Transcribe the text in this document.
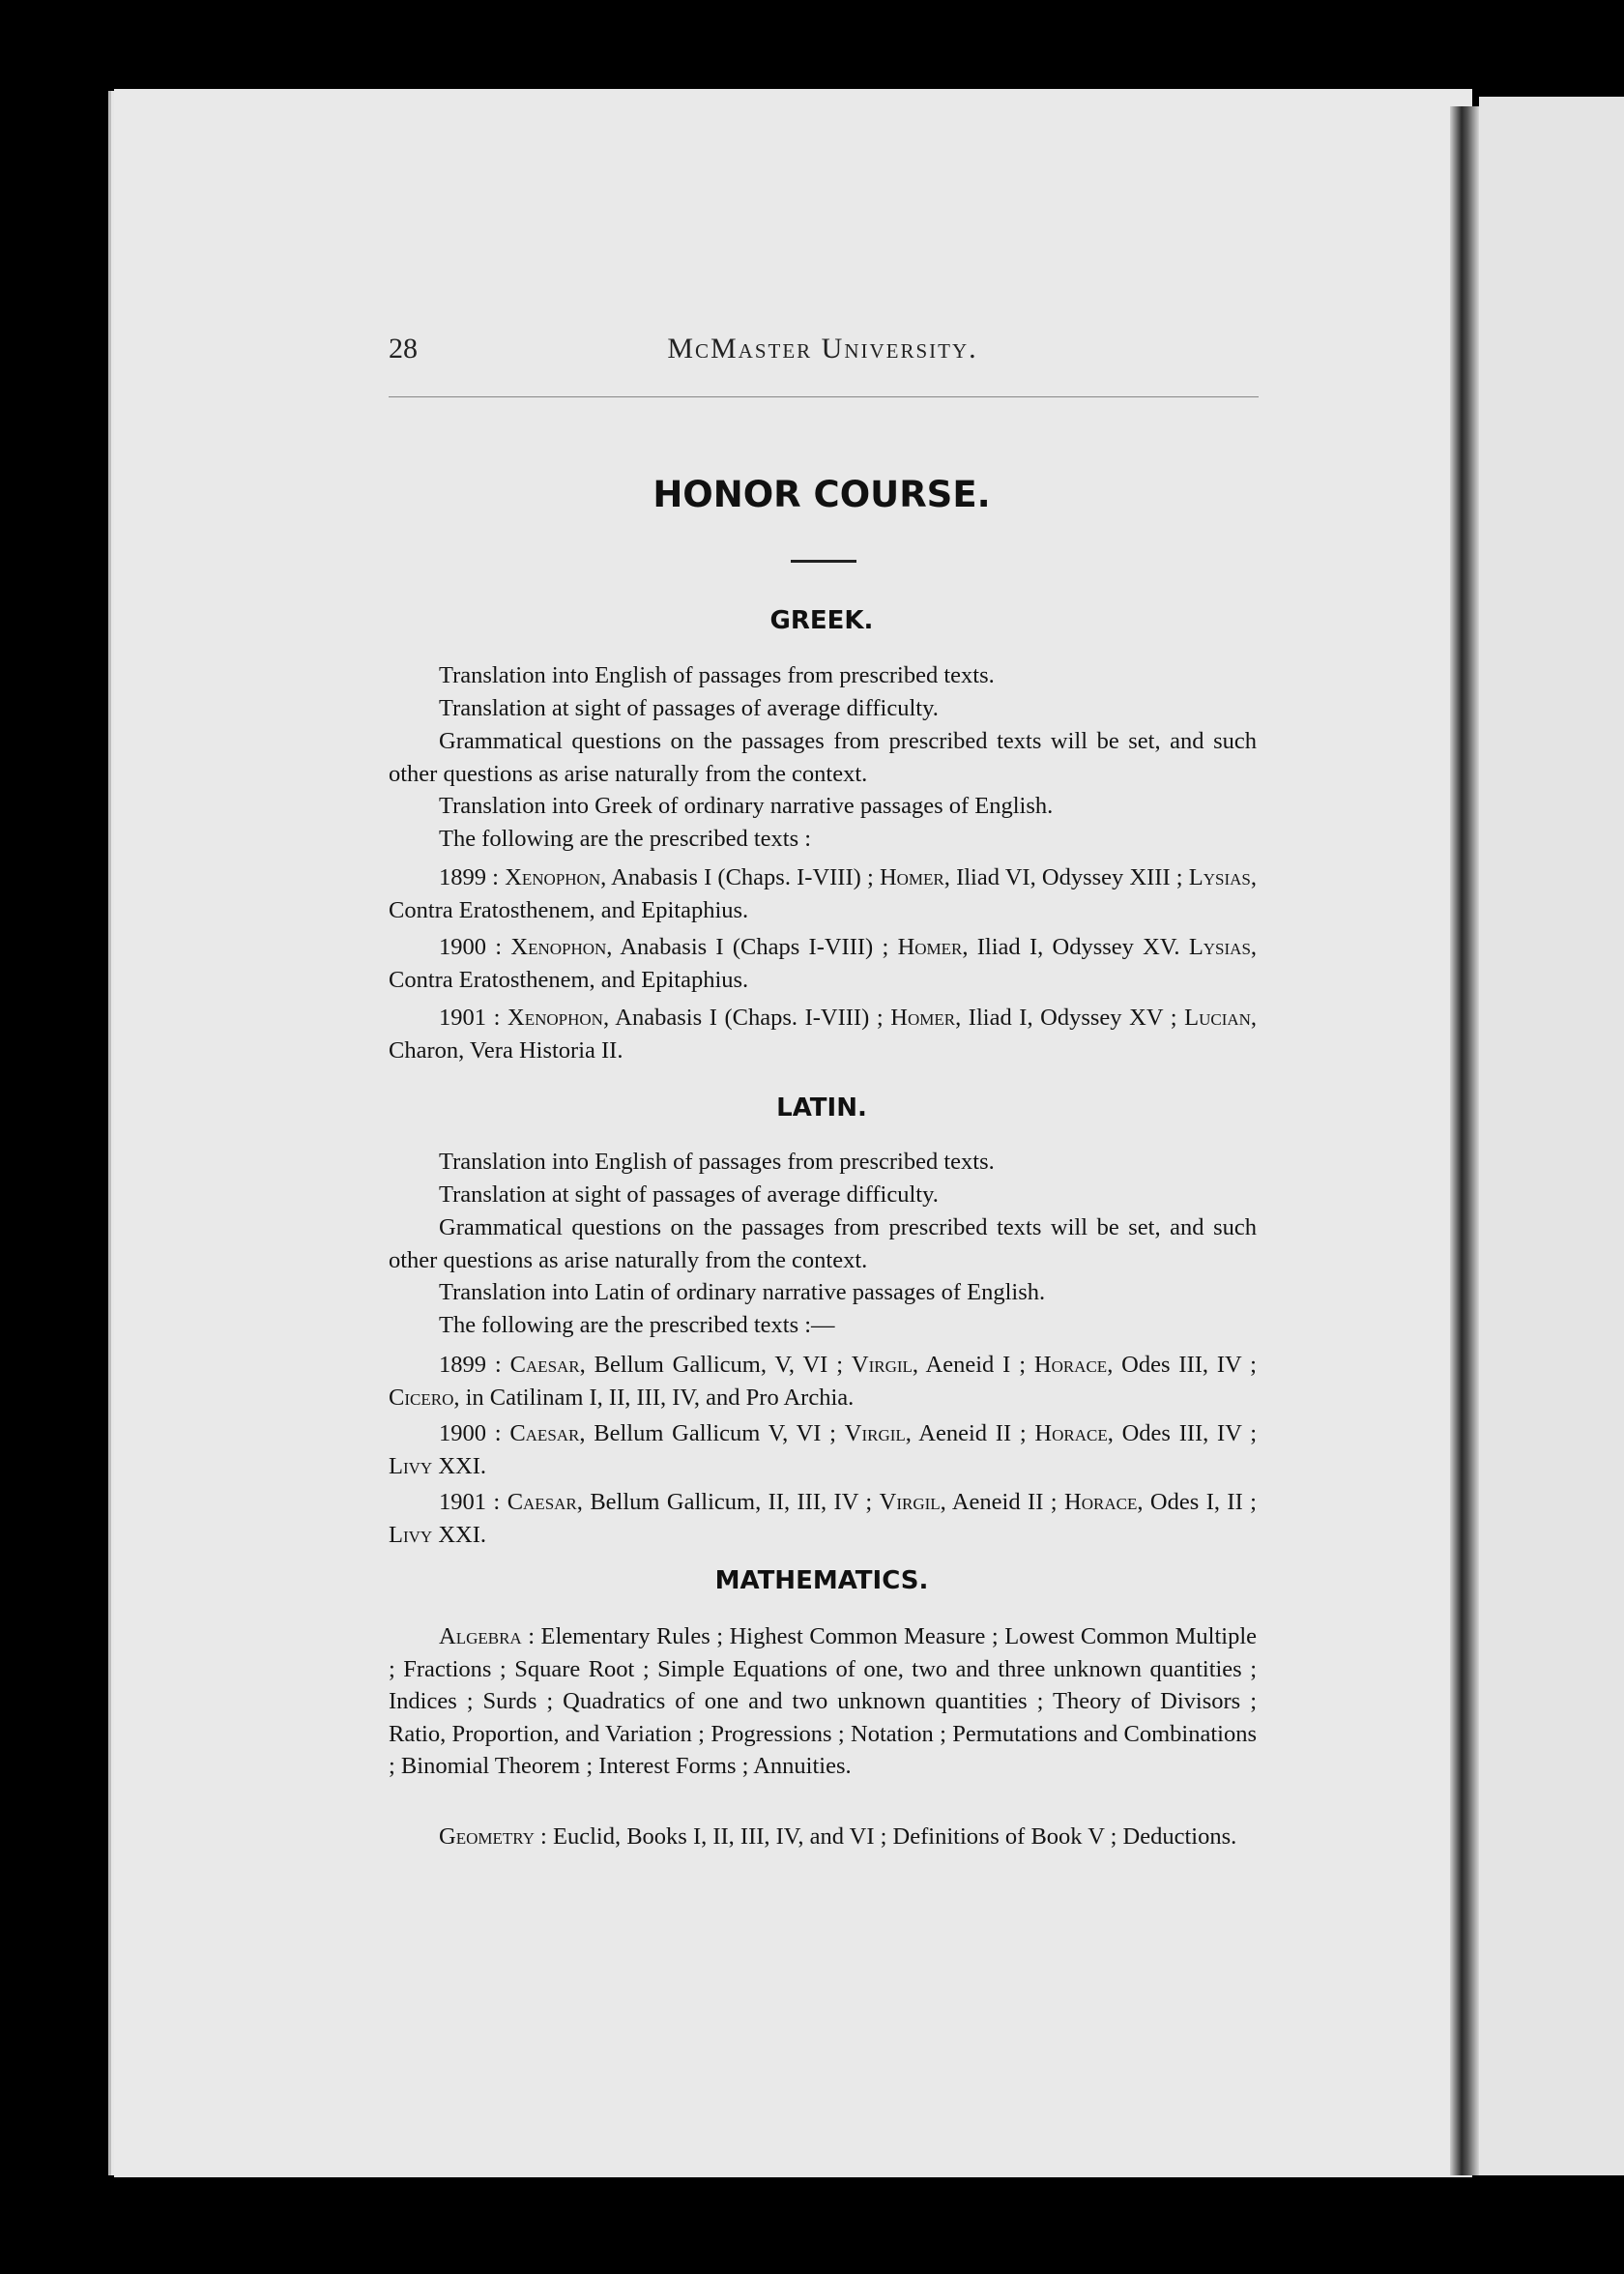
28	McMaster University.
HONOR COURSE.
GREEK.

Translation into English of passages from prescribed texts.

Translation at sight of passages of average difficulty.

Grammatical questions on the passages from prescribed texts will be set, and such other questions as arise naturally from the context.

Translation into Greek of ordinary narrative passages of English.

The following are the prescribed texts :

1899 : Xenophon, Anabasis I (Chaps. I-VIII) ; Homer, Iliad VI, Odyssey XIII ; Lysias, Contra Eratosthenem, and Epitaphius.

1900 : Xenophon, Anabasis I (Chaps I-VIII) ; Homer, Iliad I, Odyssey XV. Lysias, Contra Eratosthenem, and Epitaphius.

1901 : Xenophon, Anabasis I (Chaps. I-VIII) ; Homer, Iliad I, Odyssey XV ; Lucian, Charon, Vera Historia II.

LATIN.

Translation into English of passages from prescribed texts.

Translation at sight of passages of average difficulty.

Grammatical questions on the passages from prescribed texts will be set, and such other questions as arise naturally from the context.

Translation into Latin of ordinary narrative passages of English.

The following are the prescribed texts :—

1899 : Caesar, Bellum Gallicum, V, VI ; Virgil, Aeneid I ; Horace, Odes III, IV ; Cicero, in Catilinam I, II, III, IV, and Pro Archia.

1900 : Caesar, Bellum Gallicum V, VI ; Virgil, Aeneid II ; Horace, Odes III, IV ; Livy XXI.

1901 : Caesar, Bellum Gallicum, II, III, IV ; Virgil, Aeneid II ; Horace, Odes I, II ; Livy XXI.

MATHEMATICS.

Algebra : Elementary Rules ; Highest Common Measure ; Lowest Common Multiple ; Fractions ; Square Root ; Simple Equations of one, two and three unknown quantities ; Indices ; Surds ; Quadratics of one and two unknown quantities ; Theory of Divisors ; Ratio, Proportion, and Variation ; Progressions ; Notation ; Permutations and Combinations ; Binomial Theorem ; Interest Forms ; Annuities.

Geometry : Euclid, Books I, II, III, IV, and VI ; Definitions of Book V ; Deductions.
